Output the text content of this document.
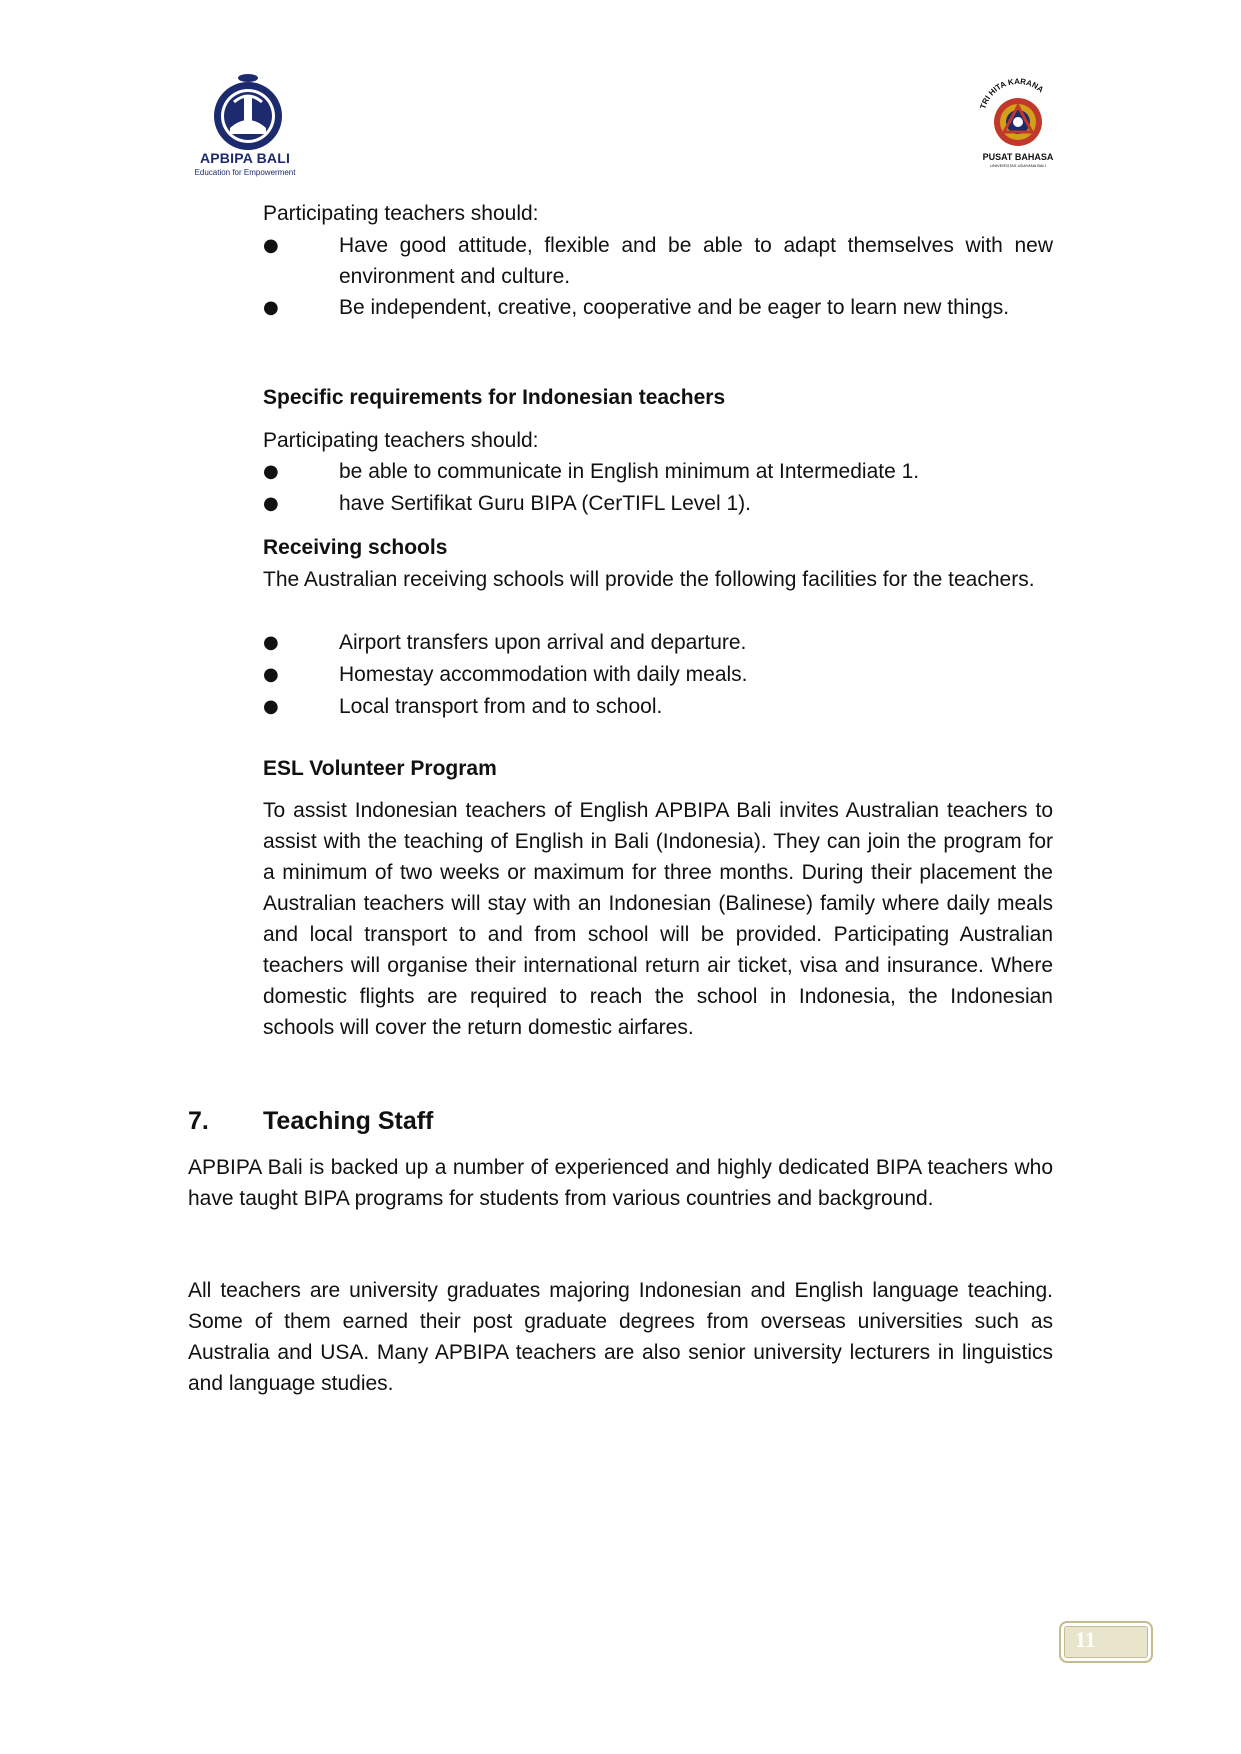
APBIPA BALI
Education for Empowerment
TRI HITA KARANA
PUSAT BAHASA
UNIVERSITAS UDAYANA BALI

Participating teachers should:

●	Have good attitude, flexible and be able to adapt themselves with new environment and culture.

●	Be independent, creative, cooperative and be eager to learn new things.

Specific requirements for Indonesian teachers

Participating teachers should:

●	be able to communicate in English minimum at Intermediate 1.

●	have Sertifikat Guru BIPA (CerTIFL Level 1).

Receiving schools

The Australian receiving schools will provide the following facilities for the teachers.

●	Airport transfers upon arrival and departure.

●	Homestay accommodation with daily meals.

●	Local transport from and to school.

ESL Volunteer Program

To assist Indonesian teachers of English APBIPA Bali invites Australian teachers to assist with the teaching of English in Bali (Indonesia). They can join the program for a minimum of two weeks or maximum for three months. During their placement the Australian teachers will stay with an Indonesian (Balinese) family where daily meals and local transport to and from school will be provided. Participating Australian teachers will organise their international return air ticket, visa and insurance. Where domestic flights are required to reach the school in Indonesia, the Indonesian schools will cover the return domestic airfares.

7. Teaching Staff

APBIPA Bali is backed up a number of experienced and highly dedicated BIPA teachers who have taught BIPA programs for students from various countries and background.

All teachers are university graduates majoring Indonesian and English language teaching. Some of them earned their post graduate degrees from overseas universities such as Australia and USA. Many APBIPA teachers are also senior university lecturers in linguistics and language studies.

11
